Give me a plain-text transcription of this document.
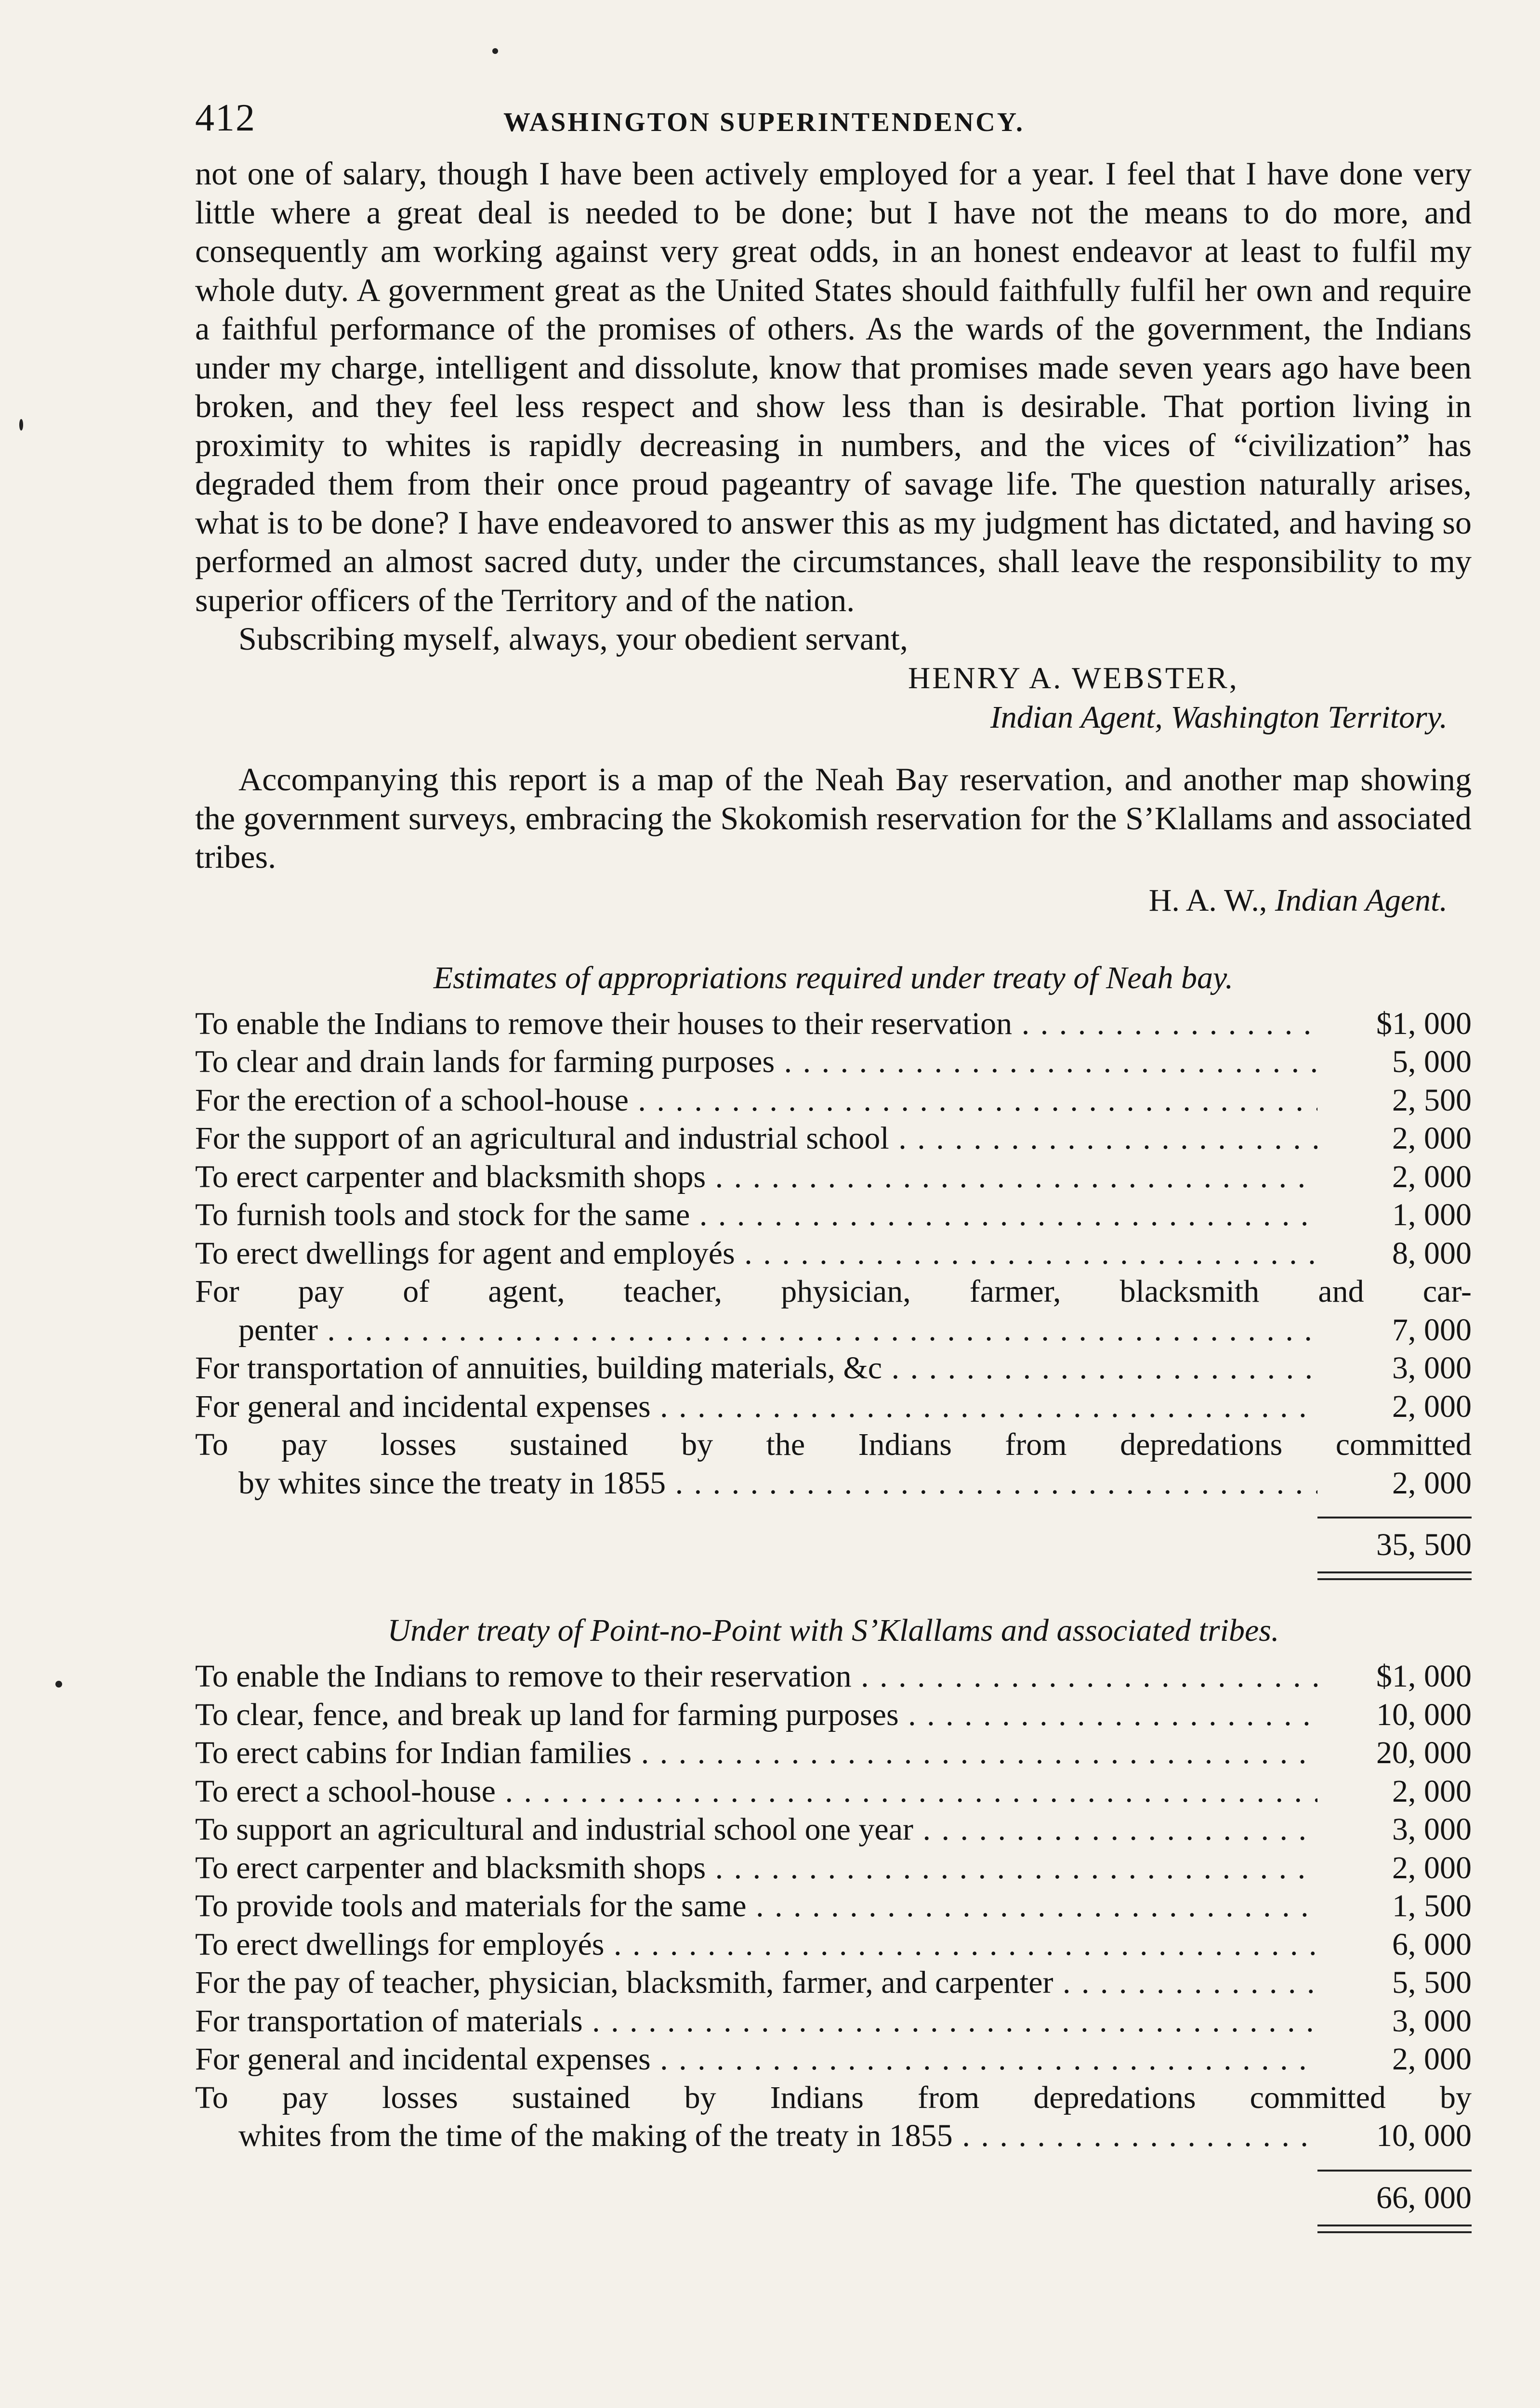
412	WASHINGTON SUPERINTENDENCY.

not one of salary, though I have been actively employed for a year. I feel that I have done very little where a great deal is needed to be done; but I have not the means to do more, and consequently am working against very great odds, in an honest endeavor at least to fulfil my whole duty. A government great as the United States should faithfully fulfil her own and require a faithful performance of the promises of others. As the wards of the government, the Indians under my charge, intelligent and dissolute, know that promises made seven years ago have been broken, and they feel less respect and show less than is desirable. That portion living in proximity to whites is rapidly decreasing in numbers, and the vices of “civilization” has degraded them from their once proud pageantry of savage life. The question naturally arises, what is to be done? I have endeavored to answer this as my judgment has dictated, and having so performed an almost sacred duty, under the circumstances, shall leave the responsibility to my superior officers of the Territory and of the nation.

Subscribing myself, always, your obedient servant,

HENRY A. WEBSTER,

Indian Agent, Washington Territory.

Accompanying this report is a map of the Neah Bay reservation, and another map showing the government surveys, embracing the Skokomish reservation for the S’Klallams and associated tribes.

H. A. W., Indian Agent.

Estimates of appropriations required under treaty of Neah bay.

To enable the Indians to remove their houses to their reservation . . .	$1, 000
To clear and drain lands for farming purposes . . .	5, 000
For the erection of a school-house . . .	2, 500
For the support of an agricultural and industrial school . . .	2, 000
To erect carpenter and blacksmith shops . . .	2, 000
To furnish tools and stock for the same . . .	1, 000
To erect dwellings for agent and employés . . .	8, 000
For pay of agent, teacher, physician, farmer, blacksmith and car-
penter . . .	7, 000
For transportation of annuities, building materials, &c . . .	3, 000
For general and incidental expenses . . .	2, 000
To pay losses sustained by the Indians from depredations committed
by whites since the treaty in 1855 . . .	2, 000
35, 500

Under treaty of Point-no-Point with S’Klallams and associated tribes.

To enable the Indians to remove to their reservation . . .	$1, 000
To clear, fence, and break up land for farming purposes . . .	10, 000
To erect cabins for Indian families . . .	20, 000
To erect a school-house . . .	2, 000
To support an agricultural and industrial school one year . . .	3, 000
To erect carpenter and blacksmith shops . . .	2, 000
To provide tools and materials for the same . . .	1, 500
To erect dwellings for employés . . .	6, 000
For the pay of teacher, physician, blacksmith, farmer, and carpenter . . .	5, 500
For transportation of materials . . .	3, 000
For general and incidental expenses . . .	2, 000
To pay losses sustained by Indians from depredations committed by
whites from the time of the making of the treaty in 1855 . . .	10, 000
66, 000
